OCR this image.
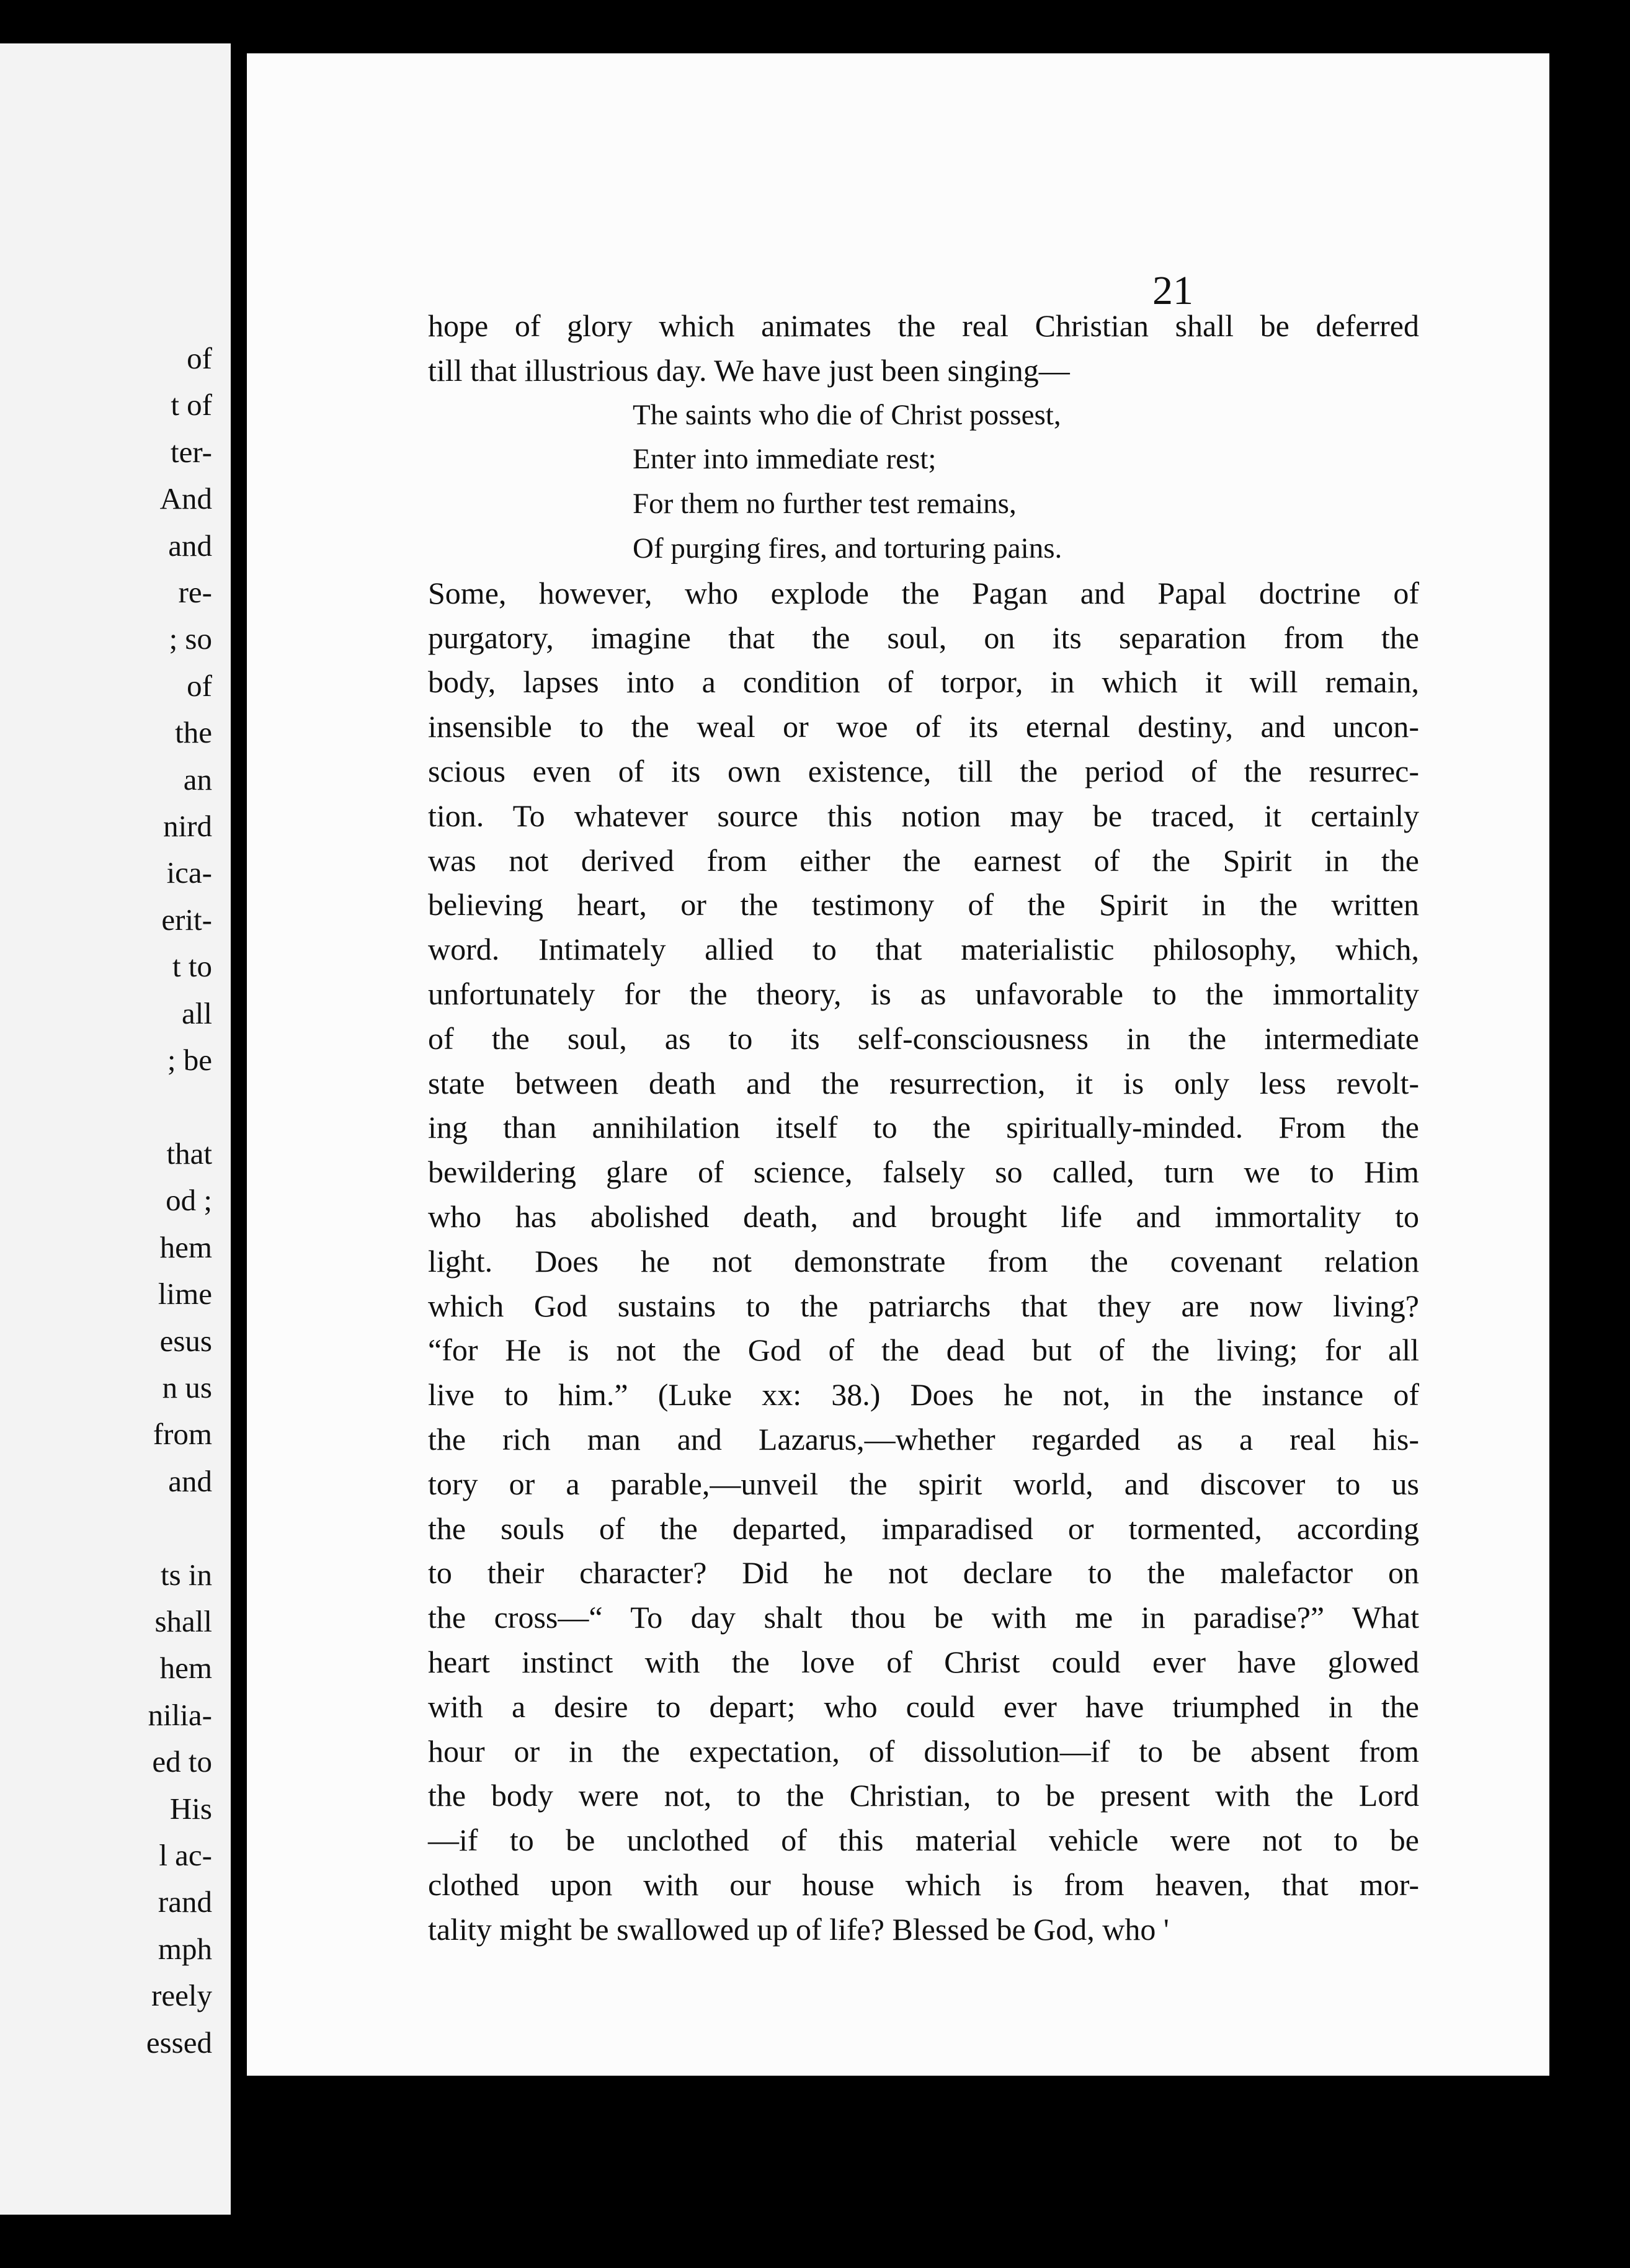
of
t of
ter-
And
and
re-
; so
of
the
an
nird
ica-
erit-
t to
all
; be

that
od ;
hem
lime
esus
n us
from
and

ts in
shall
hem
nilia-
ed to
His
l ac-
rand
mph
reely
essed
21
hope of glory which animates the real Christian shall be deferred
till that illustrious day. We have just been singing—
The saints who die of Christ possest,
Enter into immediate rest;
For them no further test remains,
Of purging fires, and torturing pains.
Some, however, who explode the Pagan and Papal doctrine of
purgatory, imagine that the soul, on its separation from the
body, lapses into a condition of torpor, in which it will remain,
insensible to the weal or woe of its eternal destiny, and uncon-
scious even of its own existence, till the period of the resurrec-
tion. To whatever source this notion may be traced, it certainly
was not derived from either the earnest of the Spirit in the
believing heart, or the testimony of the Spirit in the written
word. Intimately allied to that materialistic philosophy, which,
unfortunately for the theory, is as unfavorable to the immortality
of the soul, as to its self-consciousness in the intermediate
state between death and the resurrection, it is only less revolt-
ing than annihilation itself to the spiritually-minded. From the
bewildering glare of science, falsely so called, turn we to Him
who has abolished death, and brought life and immortality to
light. Does he not demonstrate from the covenant relation
which God sustains to the patriarchs that they are now living?
“for He is not the God of the dead but of the living; for all
live to him.” (Luke xx: 38.) Does he not, in the instance of
the rich man and Lazarus,—whether regarded as a real his-
tory or a parable,—unveil the spirit world, and discover to us
the souls of the departed, imparadised or tormented, according
to their character? Did he not declare to the malefactor on
the cross—“ To day shalt thou be with me in paradise?” What
heart instinct with the love of Christ could ever have glowed
with a desire to depart; who could ever have triumphed in the
hour or in the expectation, of dissolution—if to be absent from
the body were not, to the Christian, to be present with the Lord
—if to be unclothed of this material vehicle were not to be
clothed upon with our house which is from heaven, that mor-
tality might be swallowed up of life? Blessed be God, who '
